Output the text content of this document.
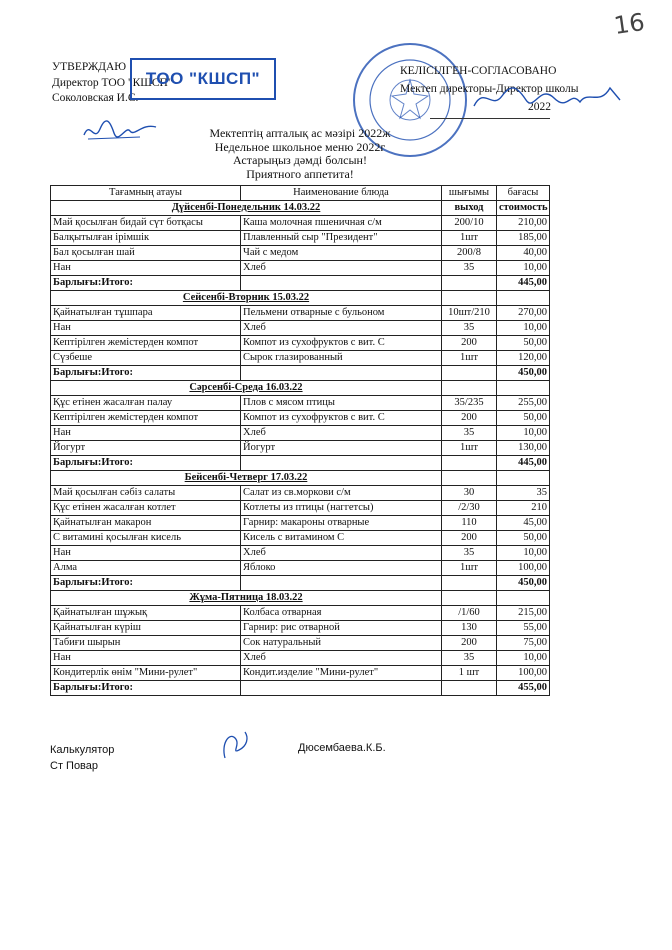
16
УТВЕРЖДАЮ
Директор ТОО "КШСП"
Соколовская И.С.
ТОО "КШСП"	КЕЛІСІЛГЕН-СОГЛАСОВАНО
Мектеп директоры-Директор школы
2022
Мектептің апталық ас мәзірі 2022ж
Недельное школьное меню 2022г
Астарыңыз дәмді болсын!
Приятного аппетита!
Тағамның атауы	Наименование блюда	шығымы	бағасы
Дүйсенбі-Понедельник 14.03.22		выход	стоимость
Май қосылған бидай сүт ботқасы	Каша молочная пшеничная с/м	200/10	210,00
Балқытылған ірімшік	Плавленный сыр "Президент"	1шт	185,00
Бал қосылған шай	Чай с медом	200/8	40,00
Нан	Хлеб	35	10,00
Барлығы:Итого:			445,00
Сейсенбі-Вторник 15.03.22			
Қайнатылған тұшпара	Пельмени отварные с бульоном	10шт/210	270,00
Нан	Хлеб	35	10,00
Кептірілген жемістерден компот	Компот из сухофруктов с вит. С	200	50,00
Сүзбеше	Сырок глазированный	1шт	120,00
Барлығы:Итого:			450,00
Сәрсенбі-Среда 16.03.22			
Құс етінен жасалған палау	Плов с мясом птицы	35/235	255,00
Кептірілген жемістерден компот	Компот из сухофруктов с вит. С	200	50,00
Нан	Хлеб	35	10,00
Йогурт	Йогурт	1шт	130,00
Барлығы:Итого:			445,00
Бейсенбі-Четверг 17.03.22			
Май қосылған сәбіз салаты	Салат из св.моркови с/м	30	35
Құс етінен жасалған котлет	Котлеты из птицы (наггетсы)	/2/30	210
Қайнатылған макарон	Гарнир: макароны отварные	110	45,00
С витамині қосылған кисель	Кисель с витамином С	200	50,00
Нан	Хлеб	35	10,00
Алма	Яблоко	1шт	100,00
Барлығы:Итого:			450,00
Жұма-Пятница 18.03.22			
Қайнатылған шұжық	Колбаса отварная	/1/60	215,00
Қайнатылған күріш	Гарнир: рис отварной	130	55,00
Табиғи шырын	Сок натуральный	200	75,00
Нан	Хлеб	35	10,00
Кондитерлік өнім "Мини-рулет"	Кондит.изделие "Мини-рулет"	1 шт	100,00
Барлығы:Итого:			455,00
Калькулятор
Ст Повар
Дюсембаева.К.Б.
